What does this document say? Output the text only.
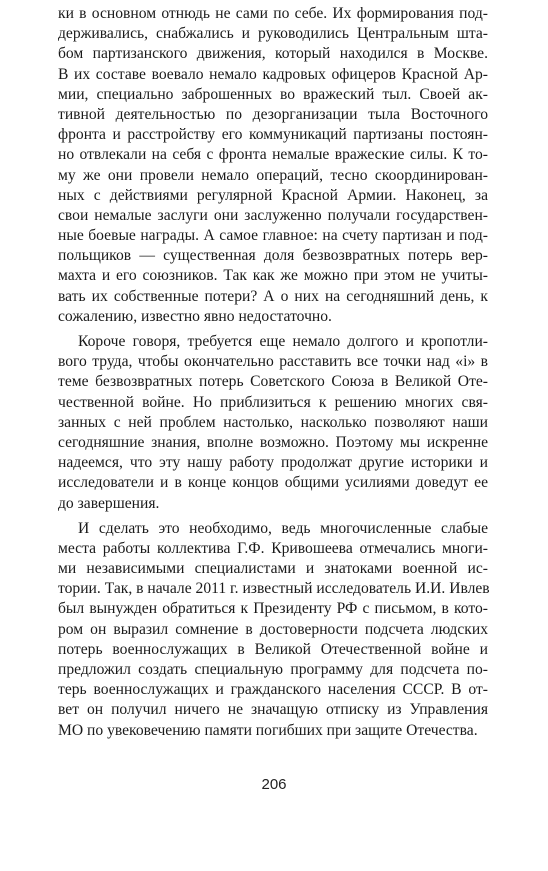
ки в основном отнюдь не сами по себе. Их формирования под-
держивались, снабжались и руководились Центральным шта-
бом партизанского движения, который находился в Москве.
В их составе воевало немало кадровых офицеров Красной Ар-
мии, специально заброшенных во вражеский тыл. Своей ак-
тивной деятельностью по дезорганизации тыла Восточного
фронта и расстройству его коммуникаций партизаны постоян-
но отвлекали на себя с фронта немалые вражеские силы. К то-
му же они провели немало операций, тесно скоординирован-
ных с действиями регулярной Красной Армии. Наконец, за
свои немалые заслуги они заслуженно получали государствен-
ные боевые награды. А самое главное: на счету партизан и под-
польщиков — существенная доля безвозвратных потерь вер-
махта и его союзников. Так как же можно при этом не учиты-
вать их собственные потери? А о них на сегодняшний день, к
сожалению, известно явно недостаточно.
Короче говоря, требуется еще немало долгого и кропотли-
вого труда, чтобы окончательно расставить все точки над «i» в
теме безвозвратных потерь Советского Союза в Великой Оте-
чественной войне. Но приблизиться к решению многих свя-
занных с ней проблем настолько, насколько позволяют наши
сегодняшние знания, вполне возможно. Поэтому мы искренне
надеемся, что эту нашу работу продолжат другие историки и
исследователи и в конце концов общими усилиями доведут ее
до завершения.
И сделать это необходимо, ведь многочисленные слабые
места работы коллектива Г.Ф. Кривошеева отмечались многи-
ми независимыми специалистами и знатоками военной ис-
тории. Так, в начале 2011 г. известный исследователь И.И. Ивлев
был вынужден обратиться к Президенту РФ с письмом, в кото-
ром он выразил сомнение в достоверности подсчета людских
потерь военнослужащих в Великой Отечественной войне и
предложил создать специальную программу для подсчета по-
терь военнослужащих и гражданского населения СССР. В от-
вет он получил ничего не значащую отписку из Управления
МО по увековечению памяти погибших при защите Отечества.
206
